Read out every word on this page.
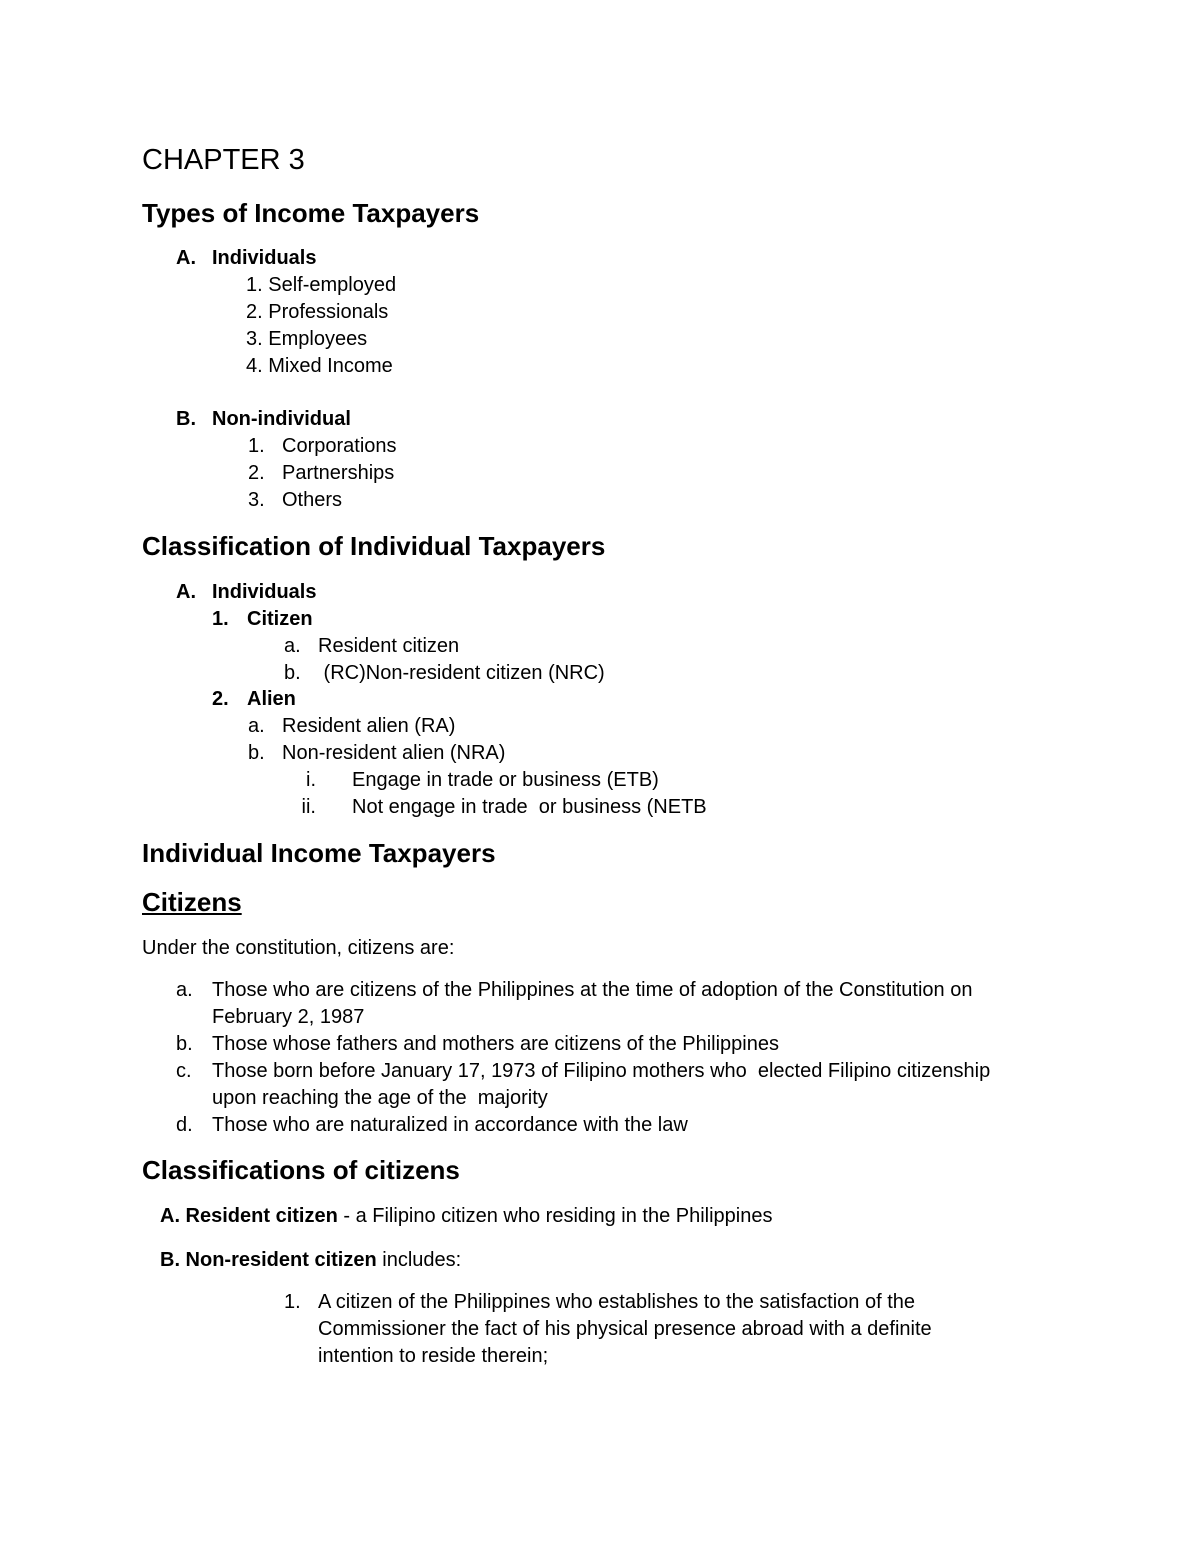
CHAPTER 3
Types of Income Taxpayers
A. Individuals
1. Self-employed
2. Professionals
3. Employees
4. Mixed Income
B. Non-individual
1. Corporations
2. Partnerships
3. Others
Classification of Individual Taxpayers
A. Individuals
1. Citizen
a. Resident citizen
b. (RC)Non-resident citizen (NRC)
2. Alien
a. Resident alien (RA)
b. Non-resident alien (NRA)
i. Engage in trade or business (ETB)
ii. Not engage in trade  or business (NETB
Individual Income Taxpayers
Citizens
Under the constitution, citizens are:
a. Those who are citizens of the Philippines at the time of adoption of the Constitution on
February 2, 1987
b. Those whose fathers and mothers are citizens of the Philippines
c. Those born before January 17, 1973 of Filipino mothers who  elected Filipino citizenship
upon reaching the age of the  majority
d. Those who are naturalized in accordance with the law
Classifications of citizens
A. Resident citizen - a Filipino citizen who residing in the Philippines
B. Non-resident citizen includes:
1. A citizen of the Philippines who establishes to the satisfaction of the
Commissioner the fact of his physical presence abroad with a definite
intention to reside therein;
